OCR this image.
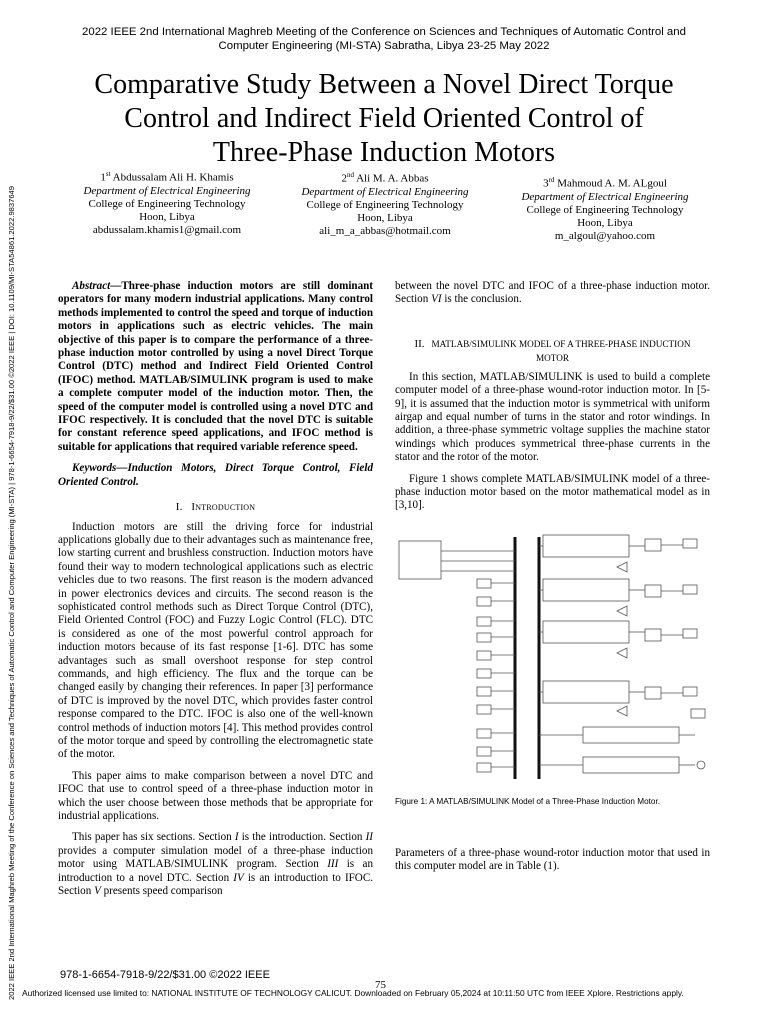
2022 IEEE 2nd International Maghreb Meeting of the Conference on Sciences and Techniques of Automatic Control and
Computer Engineering (MI-STA) Sabratha, Libya 23-25 May 2022
2022 IEEE 2nd International Maghreb Meeting of the Conference on Sciences and Techniques of Automatic Control and Computer Engineering (MI-STA) | 978-1-6654-7918-9/22/$31.00 ©2022 IEEE | DOI: 10.1109/MI-STA54861.2022.9837649
Comparative Study Between a Novel Direct Torque
Control and Indirect Field Oriented Control of
Three-Phase Induction Motors
1st Abdussalam Ali H. Khamis
Department of Electrical Engineering
College of Engineering Technology
Hoon, Libya
abdussalam.khamis1@gmail.com
2nd Ali M. A. Abbas
Department of Electrical Engineering
College of Engineering Technology
Hoon, Libya
ali_m_a_abbas@hotmail.com
3rd Mahmoud A. M. ALgoul
Department of Electrical Engineering
College of Engineering Technology
Hoon, Libya
m_algoul@yahoo.com
Abstract—Three-phase induction motors are still dominant operators for many modern industrial applications. Many control methods implemented to control the speed and torque of induction motors in applications such as electric vehicles. The main objective of this paper is to compare the performance of a three-phase induction motor controlled by using a novel Direct Torque Control (DTC) method and Indirect Field Oriented Control (IFOC) method. MATLAB/SIMULINK program is used to make a complete computer model of the induction motor. Then, the speed of the computer model is controlled using a novel DTC and IFOC respectively. It is concluded that the novel DTC is suitable for constant reference speed applications, and IFOC method is suitable for applications that required variable reference speed.
Keywords—Induction Motors, Direct Torque Control, Field Oriented Control.
I. Introduction

Induction motors are still the driving force for industrial applications globally due to their advantages such as maintenance free, low starting current and brushless construction. Induction motors have found their way to modern technological applications such as electric vehicles due to two reasons. The first reason is the modern advanced in power electronics devices and circuits. The second reason is the sophisticated control methods such as Direct Torque Control (DTC), Field Oriented Control (FOC) and Fuzzy Logic Control (FLC). DTC is considered as one of the most powerful control approach for induction motors because of its fast response [1-6]. DTC has some advantages such as small overshoot response for step control commands, and high efficiency. The flux and the torque can be changed easily by changing their references. In paper [3] performance of DTC is improved by the novel DTC, which provides faster control response compared to the DTC. IFOC is also one of the well-known control methods of induction motors [4]. This method provides control of the motor torque and speed by controlling the electromagnetic state of the motor.

This paper aims to make comparison between a novel DTC and IFOC that use to control speed of a three-phase induction motor in which the user choose between those methods that be appropriate for industrial applications.

This paper has six sections. Section I is the introduction. Section II provides a computer simulation model of a three-phase induction motor using MATLAB/SIMULINK program. Section III is an introduction to a novel DTC. Section IV is an introduction to IFOC. Section V presents speed comparison

between the novel DTC and IFOC of a three-phase induction motor. Section VI is the conclusion.
II. MATLAB/SIMULINK MODEL OF A THREE-PHASE INDUCTION
MOTOR

In this section, MATLAB/SIMULINK is used to build a complete computer model of a three-phase wound-rotor induction motor. In [5-9], it is assumed that the induction motor is symmetrical with uniform airgap and equal number of turns in the stator and rotor windings. In addition, a three-phase symmetric voltage supplies the machine stator windings which produces symmetrical three-phase currents in the stator and the rotor of the motor.

Figure 1 shows complete MATLAB/SIMULINK model of a three-phase induction motor based on the motor mathematical model as in [3,10].

Figure 1: A MATLAB/SIMULINK Model of a Three-Phase Induction Motor.
Parameters of a three-phase wound-rotor induction motor that used in this computer model are in Table (1).
978-1-6654-7918-9/22/$31.00 ©2022 IEEE
75
Authorized licensed use limited to: NATIONAL INSTITUTE OF TECHNOLOGY CALICUT. Downloaded on February 05,2024 at 10:11:50 UTC from IEEE Xplore. Restrictions apply.
